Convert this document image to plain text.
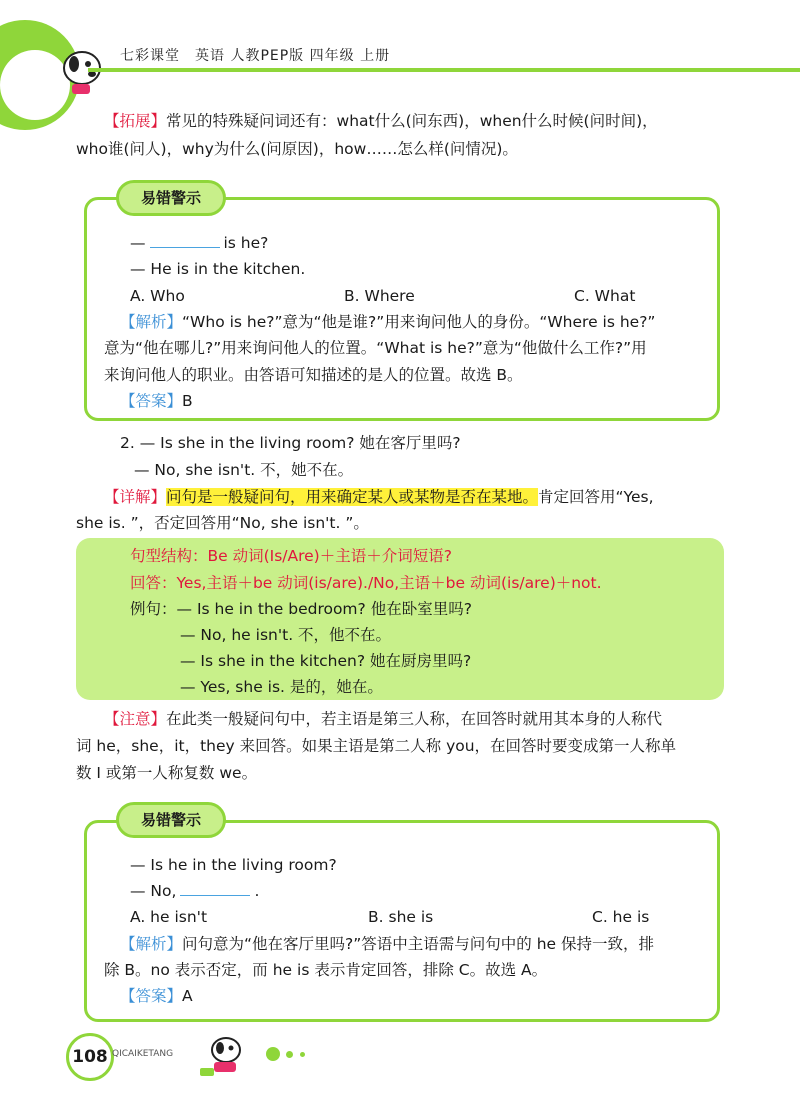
七彩课堂　英语 人教PEP版 四年级 上册
【拓展】常见的特殊疑问词还有：what什么(问东西)，when什么时候(问时间)，
who谁(问人)，why为什么(问原因)，how……怎么样(问情况)。
易错警示
—	is he?
— He is in the kitchen.
A. Who	B. Where	C. What
【解析】“Who is he?”意为“他是谁?”用来询问他人的身份。“Where is he?”
意为“他在哪儿?”用来询问他人的位置。“What is he?”意为“他做什么工作?”用
来询问他人的职业。由答语可知描述的是人的位置。故选 B。
【答案】B
2. — Is she in the living room? 她在客厅里吗?
— No, she isn't. 不，她不在。
【详解】问句是一般疑问句，用来确定某人或某物是否在某地。肯定回答用“Yes,
she is. ”，否定回答用“No, she isn't. ”。
句型结构：Be 动词(Is/Are)＋主语＋介词短语?
回答：Yes,主语＋be 动词(is/are)./No,主语＋be 动词(is/are)＋not.
例句：— Is he in the bedroom? 他在卧室里吗?
— No, he isn't. 不，他不在。
— Is she in the kitchen? 她在厨房里吗?
— Yes, she is. 是的，她在。
【注意】在此类一般疑问句中，若主语是第三人称，在回答时就用其本身的人称代
词 he，she，it，they 来回答。如果主语是第二人称 you，在回答时要变成第一人称单
数 I 或第一人称复数 we。
易错警示
— Is he in the living room?
— No,	.
A. he isn't	B. she is	C. he is
【解析】问句意为“他在客厅里吗?”答语中主语需与问句中的 he 保持一致，排
除 B。no 表示否定，而 he is 表示肯定回答，排除 C。故选 A。
【答案】A
108 QICAIKETANG
